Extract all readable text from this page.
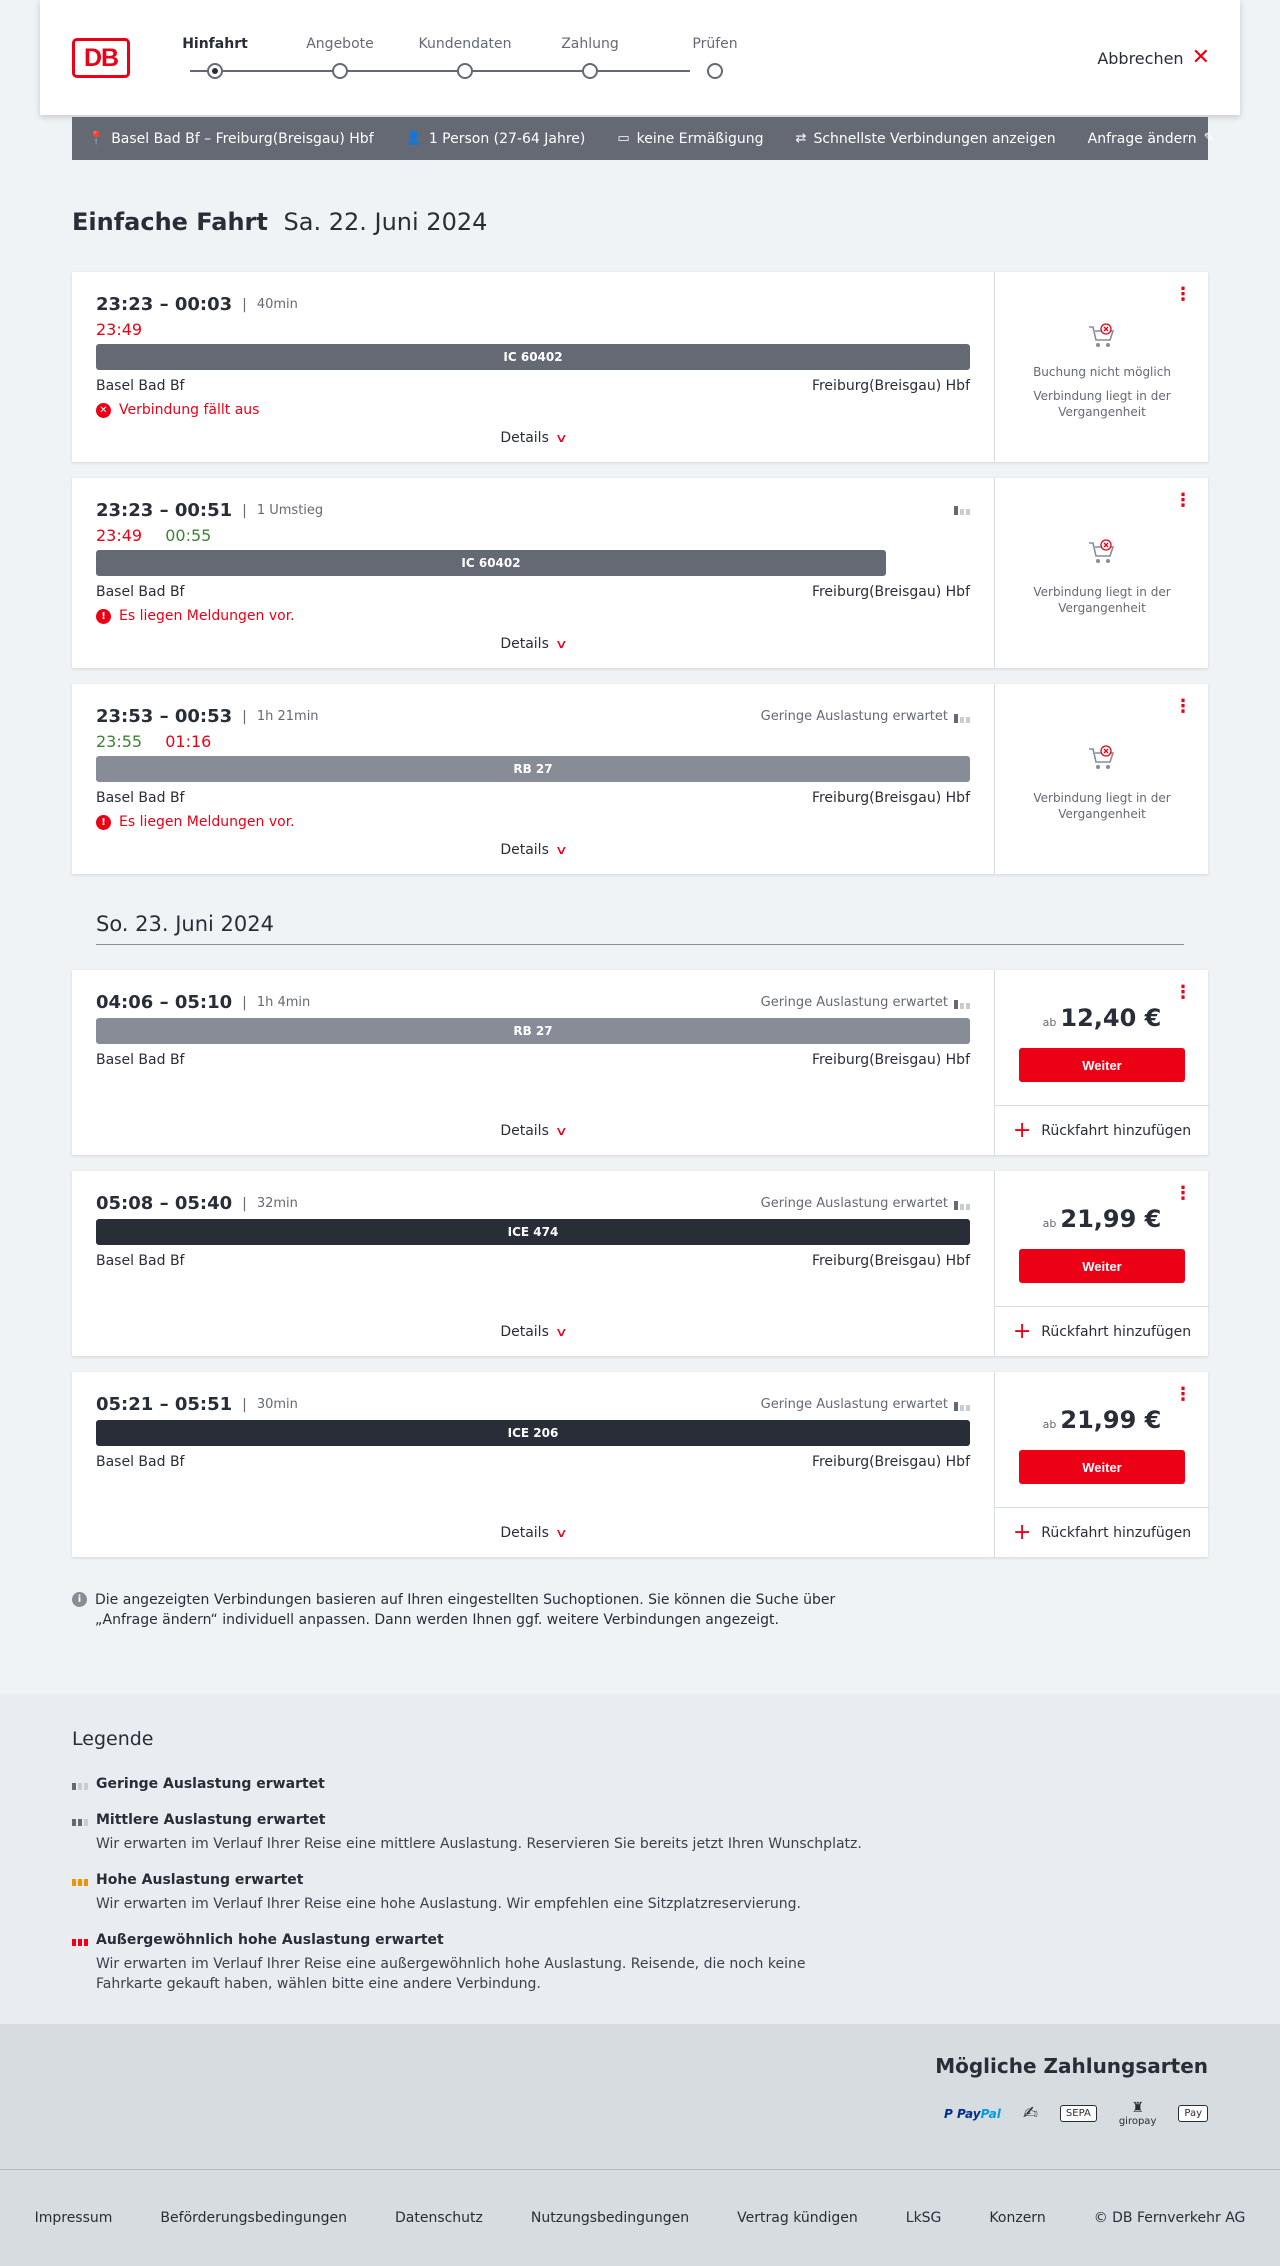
DB	Hinfahrt	Angebote	Kundendaten	Zahlung	Prüfen
Abbrechen ✕
📍 Basel Bad Bf – Freiburg(Breisgau) Hbf 👤 1 Person (27-64 Jahre) ▭ keine Ermäßigung ⇄ Schnellste Verbindungen anzeigen Anfrage ändern ✎
Einfache Fahrt Sa. 22. Juni 2024
23:23 – 00:03 | 40min
23:49
IC 60402
Basel Bad Bf	Freiburg(Breisgau) Hbf
✕ Verbindung fällt aus
Details ∨
⋮
Buchung nicht möglich
Verbindung liegt in der Vergangenheit
23:23 – 00:51 | 1 Umstieg
23:49 00:55
IC 60402
Basel Bad Bf	Freiburg(Breisgau) Hbf
! Es liegen Meldungen vor.
Details ∨
⋮
Verbindung liegt in der Vergangenheit
23:53 – 00:53 | 1h 21min	Geringe Auslastung erwartet
23:55 01:16
RB 27
Basel Bad Bf	Freiburg(Breisgau) Hbf
! Es liegen Meldungen vor.
Details ∨
⋮
Verbindung liegt in der Vergangenheit
So. 23. Juni 2024
04:06 – 05:10 | 1h 4min	Geringe Auslastung erwartet
RB 27
Basel Bad Bf	Freiburg(Breisgau) Hbf
Details ∨
⋮
ab 12,40 €
Weiter
+ Rückfahrt hinzufügen
05:08 – 05:40 | 32min	Geringe Auslastung erwartet
ICE 474
Basel Bad Bf	Freiburg(Breisgau) Hbf
Details ∨
⋮
ab 21,99 €
Weiter
+ Rückfahrt hinzufügen
05:21 – 05:51 | 30min	Geringe Auslastung erwartet
ICE 206
Basel Bad Bf	Freiburg(Breisgau) Hbf
Details ∨
⋮
ab 21,99 €
Weiter
+ Rückfahrt hinzufügen
i Die angezeigten Verbindungen basieren auf Ihren eingestellten Suchoptionen. Sie können die Suche über „Anfrage ändern“ individuell anpassen. Dann werden Ihnen ggf. weitere Verbindungen angezeigt.
Legende
Geringe Auslastung erwartet
Mittlere Auslastung erwartet
Wir erwarten im Verlauf Ihrer Reise eine mittlere Auslastung. Reservieren Sie bereits jetzt Ihren Wunschplatz.
Hohe Auslastung erwartet
Wir erwarten im Verlauf Ihrer Reise eine hohe Auslastung. Wir empfehlen eine Sitzplatzreservierung.
Außergewöhnlich hohe Auslastung erwartet
Wir erwarten im Verlauf Ihrer Reise eine außergewöhnlich hohe Auslastung. Reisende, die noch keine Fahrkarte gekauft haben, wählen bitte eine andere Verbindung.
Mögliche Zahlungsarten
P PayPal ✍	SEPA	♜
giropay
Pay
Impressum	Beförderungsbedingungen	Datenschutz	Nutzungsbedingungen	Vertrag kündigen	LkSG	Konzern	© DB Fernverkehr AG
